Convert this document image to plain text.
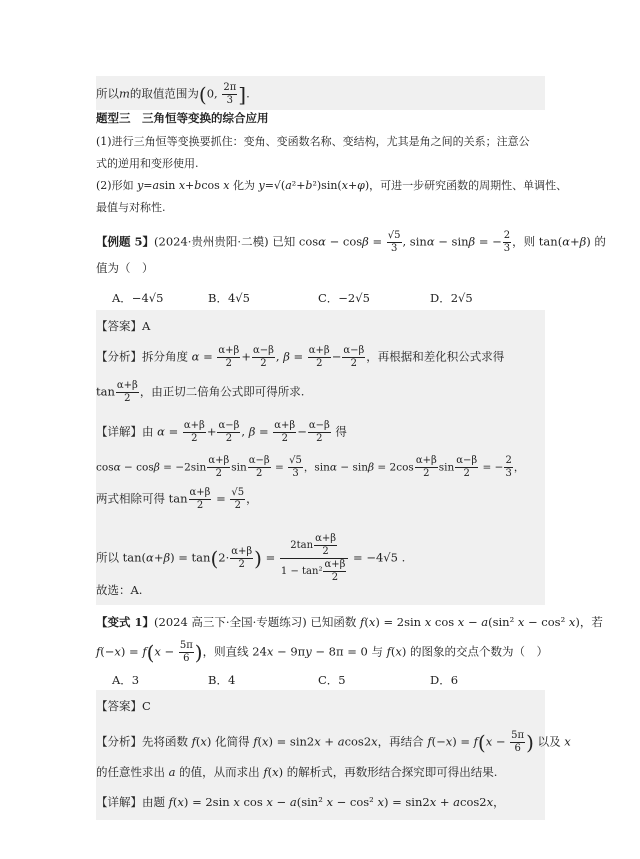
所以m的取值范围为(0, $\frac{2\pi}{3}$ ].
题型三　三角恒等变换的综合应用
(1)进行三角恒等变换要抓住：变角、变函数名称、变结构，尤其是角之间的关系；注意公
式的逆用和变形使用.
(2)形如 y=asin x+bcos x 化为 y=√(a²+b²)sin(x+φ)，可进一步研究函数的周期性、单调性、
最值与对称性.
【例题 5】(2024·贵州贵阳·二模) 已知 $\cos\alpha - \cos\beta = \frac{√5}{3}$ , sinα − sinβ = − $\frac{2}{3}$ ，则 tan(α+β) 的
值为（　）
A．−4√5	B．4√5	C．−2√5	D．2√5
【答案】A
【分析】拆分角度 $\alpha = \frac{\alpha+\beta}{2} + \frac{\alpha-\beta}{2}$ , $\beta = \frac{\alpha+\beta}{2} - \frac{\alpha-\beta}{2}$ ，再根据和差化积公式求得
$\tan \frac{\alpha+\beta}{2}$ ，由正切二倍角公式即可得所求.
【详解】由 $\alpha = \frac{\alpha+\beta}{2} + \frac{\alpha-\beta}{2}$ , $\beta = \frac{\alpha+\beta}{2} - \frac{\alpha-\beta}{2}$ 得
$\cos\alpha - \cos\beta = -2\sin \frac{\alpha+\beta}{2}$ $\sin \frac{\alpha-\beta}{2} = \frac{√5}{3}$ ，$\sin\alpha - \sin\beta = 2\cos \frac{\alpha+\beta}{2}$ $\sin \frac{\alpha-\beta}{2}$ = − $\frac{2}{3}$ ，
两式相除可得 $\tan \frac{\alpha+\beta}{2} = \frac{√5}{2}$ ，
所以 $\tan(\alpha+\beta) = \tan(2\cdot \frac{\alpha+\beta}{2}$ ) = $\frac{2\tan \frac{\alpha+\beta}{2}}{1 - \tan^2 \frac{\alpha+\beta}{2}} = -4√5$ .
故选：A.
【变式 1】(2024 高三下·全国·专题练习) 已知函数 f(x) = 2sin x cos x − a(sin² x − cos² x)，若
$f(-x) = f(x - \frac{5\pi}{6}$ )，则直线 24x − 9πy − 8π = 0 与 f(x) 的图象的交点个数为（　）
A．3	B．4	C．5	D．6
【答案】C
【分析】先将函数 f(x) 化简得 f(x) = sin2x + acos2x，再结合 $f(-x) = f(x - \frac{5\pi}{6}$ ) 以及 x
的任意性求出 a 的值，从而求出 f(x) 的解析式，再数形结合探究即可得出结果.
【详解】由题 f(x) = 2sin x cos x − a(sin² x − cos² x) = sin2x + acos2x，
